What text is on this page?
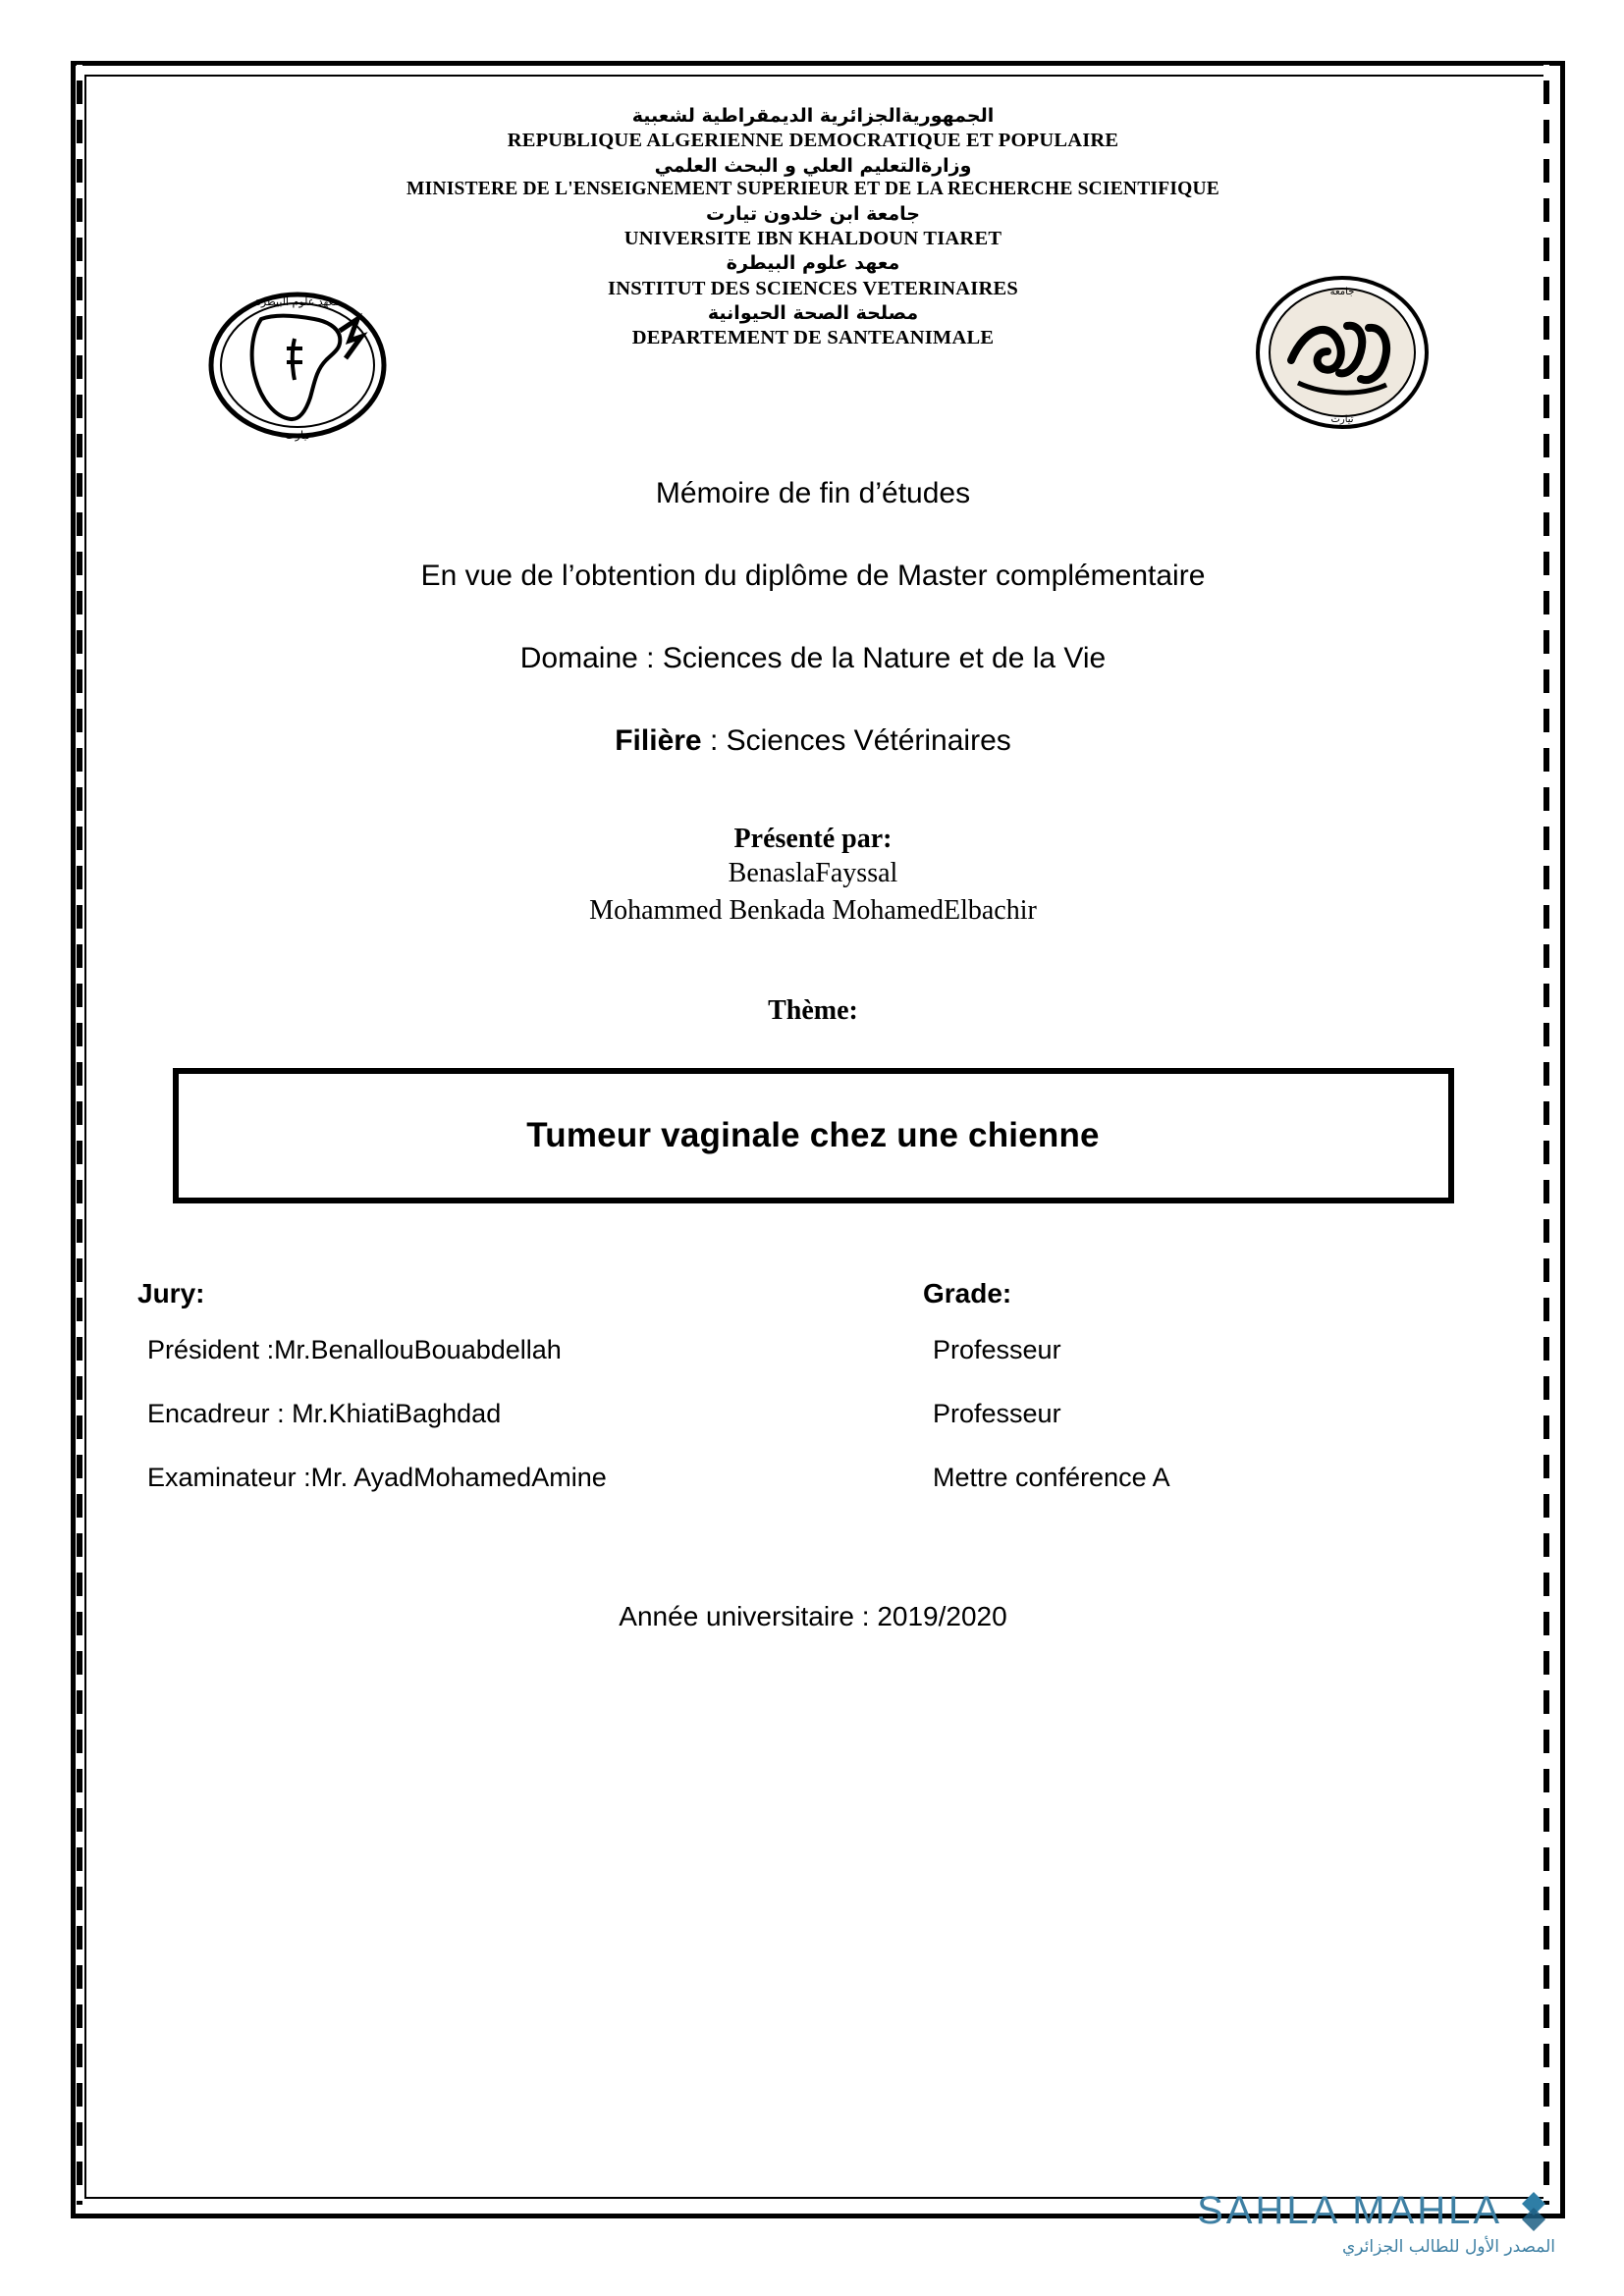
الجمهوريةالجزائرية الديمقراطية لشعبية
REPUBLIQUE ALGERIENNE DEMOCRATIQUE ET POPULAIRE
وزارةالتعليم العلي و البحث العلمي
MINISTERE DE L'ENSEIGNEMENT SUPERIEUR ET DE LA RECHERCHE SCIENTIFIQUE
جامعة ابن خلدون تيارت
UNIVERSITE IBN KHALDOUN TIARET
معهد علوم البيطرة
INSTITUT DES SCIENCES VETERINAIRES
مصلحة الصحة الحيوانية
DEPARTEMENT DE SANTEANIMALE
معهد علوم البيطرة
تيارت
جامعة
تيارت
Mémoire de fin d’études
En vue de l’obtention du diplôme de Master complémentaire
Domaine : Sciences de la Nature et de la Vie
Filière : Sciences Vétérinaires
Présenté par:
BenaslaFayssal
Mohammed Benkada MohamedElbachir
Thème:
Tumeur vaginale chez une chienne
Jury:	Grade:
Président :Mr.BenallouBouabdellah	Professeur
Encadreur : Mr.KhiatiBaghdad	Professeur
Examinateur :Mr. AyadMohamedAmine	Mettre conférence A
Année universitaire : 2019/2020
SAHLA MAHLA
المصدر الأول للطالب الجزائري
